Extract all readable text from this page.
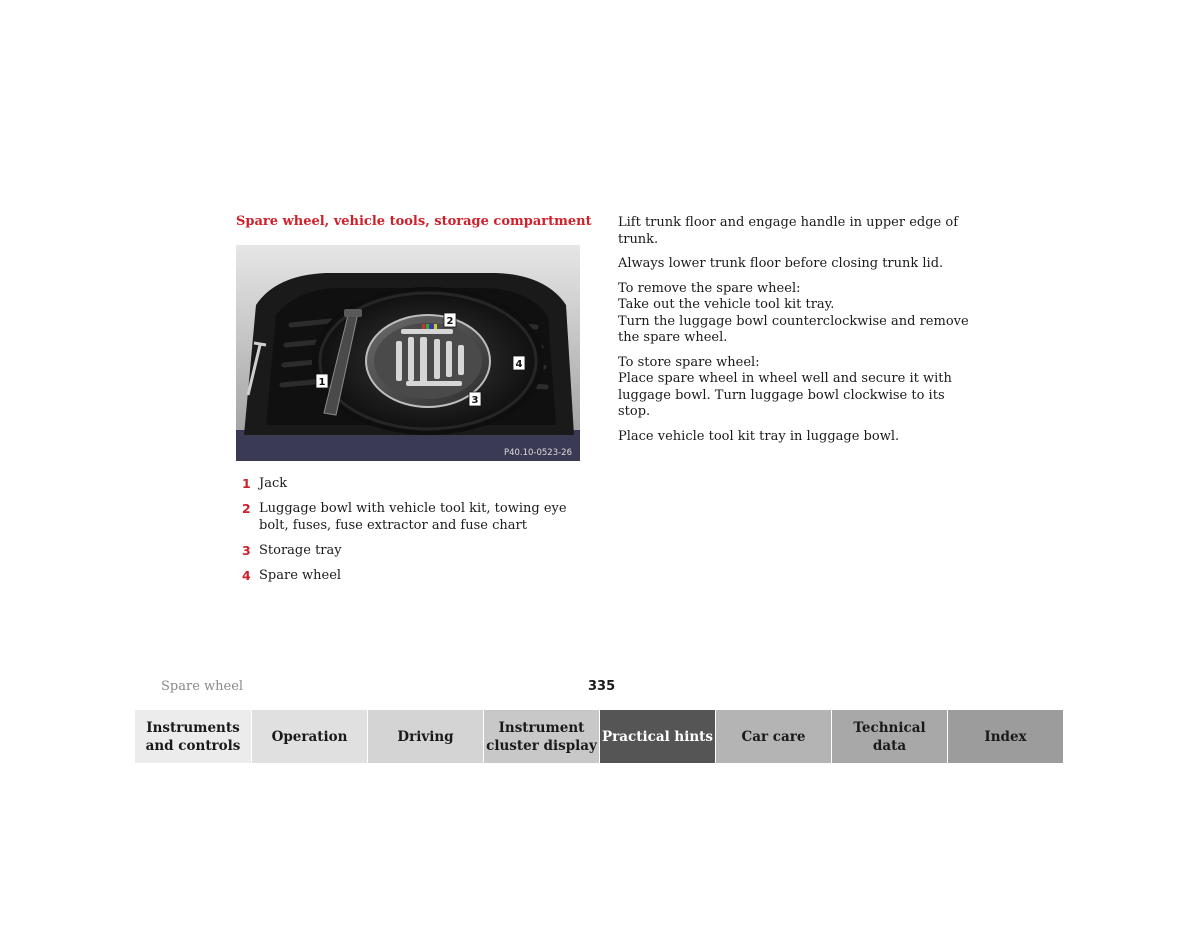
Spare wheel, vehicle tools, storage compartment
1
2
3
4
P40.10-0523-26
1 Jack
2 Luggage bowl with vehicle tool kit, towing eye bolt, fuses, fuse extractor and fuse chart
3 Storage tray
4 Spare wheel

Lift trunk floor and engage handle in upper edge of trunk.

Always lower trunk floor before closing trunk lid.

To remove the spare wheel:
Take out the vehicle tool kit tray.
Turn the luggage bowl counterclockwise and remove the spare wheel.

To store spare wheel:
Place spare wheel in wheel well and secure it with luggage bowl. Turn luggage bowl clockwise to its stop.

Place vehicle tool kit tray in luggage bowl.

Spare wheel	335
Instruments
and controls
Operation	Driving
Instrument
cluster display
Practical hints Car care
Technical
data
Index
